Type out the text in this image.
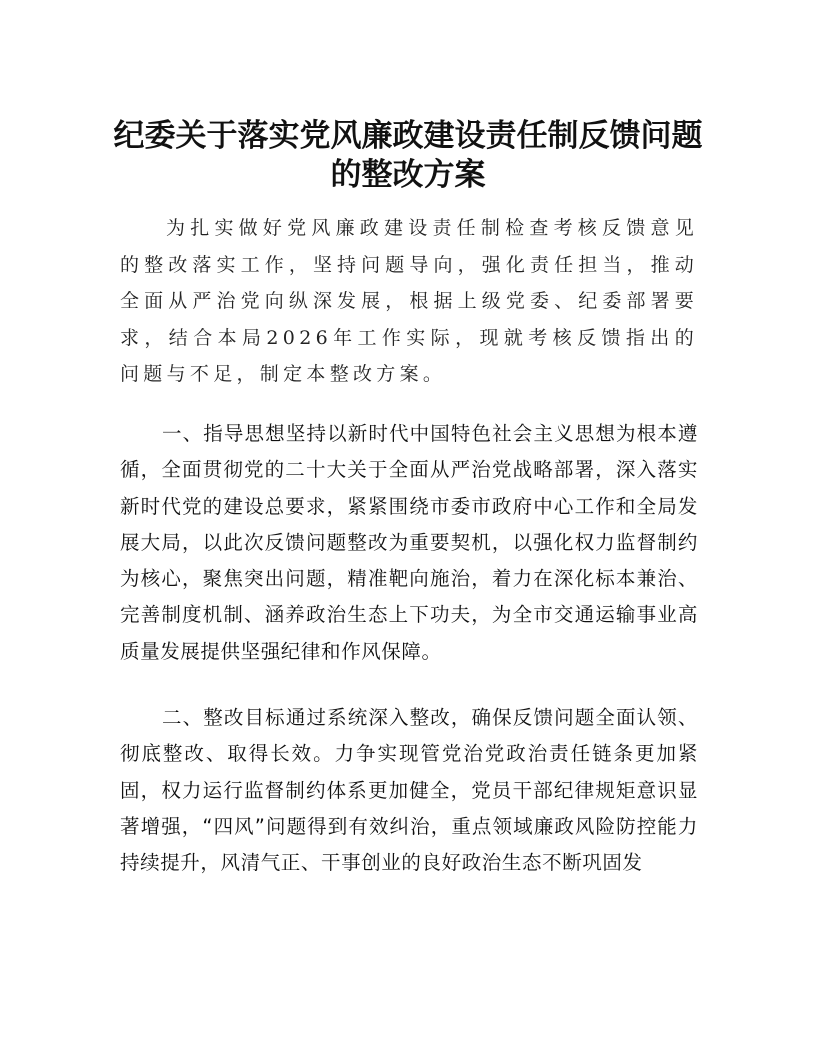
纪委关于落实党风廉政建设责任制反馈问题
的整改方案

为扎实做好党风廉政建设责任制检查考核反馈意见的整改落实工作，坚持问题导向，强化责任担当，推动全面从严治党向纵深发展，根据上级党委、纪委部署要求，结合本局2026年工作实际，现就考核反馈指出的问题与不足，制定本整改方案。

一、指导思想坚持以新时代中国特色社会主义思想为根本遵循，全面贯彻党的二十大关于全面从严治党战略部署，深入落实新时代党的建设总要求，紧紧围绕市委市政府中心工作和全局发展大局，以此次反馈问题整改为重要契机，以强化权力监督制约为核心，聚焦突出问题，精准靶向施治，着力在深化标本兼治、完善制度机制、涵养政治生态上下功夫，为全市交通运输事业高质量发展提供坚强纪律和作风保障。

二、整改目标通过系统深入整改，确保反馈问题全面认领、彻底整改、取得长效。力争实现管党治党政治责任链条更加紧固，权力运行监督制约体系更加健全，党员干部纪律规矩意识显著增强，“四风”问题得到有效纠治，重点领域廉政风险防控能力持续提升，风清气正、干事创业的良好政治生态不断巩固发
